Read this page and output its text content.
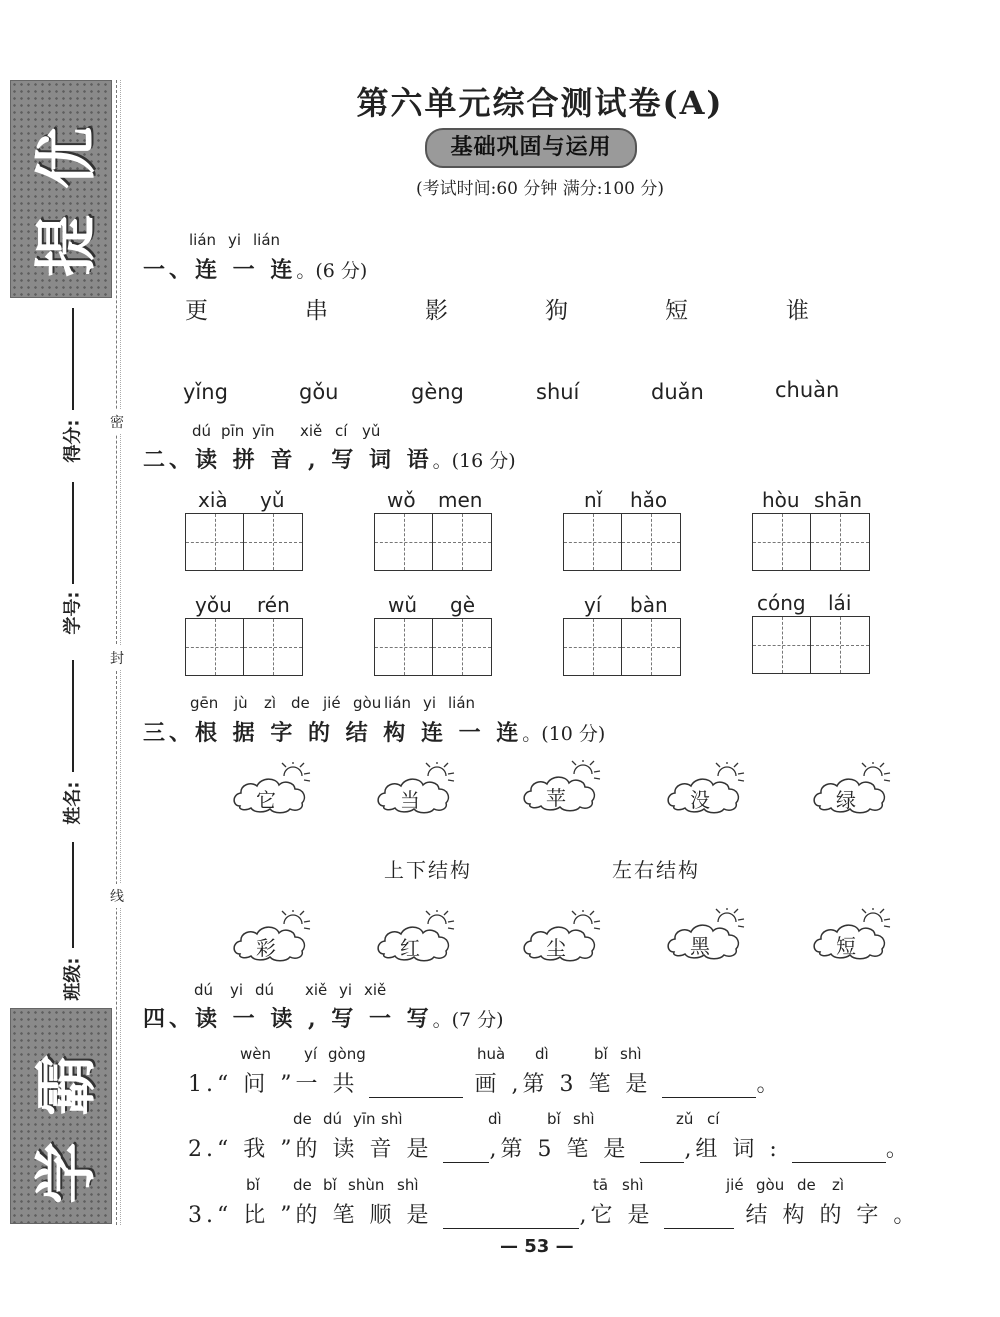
提优
学霸
得分:
学号:
姓名:
班级:
密
封
线
第六单元综合测试卷(A)
基础巩固与运用
(考试时间:60 分钟 满分:100 分)
lián yi lián
一、连 一 连。(6 分)
更	串	影	狗	短	谁
yǐng	gǒu	gèng	shuí	duǎn	chuàn
dú pīn yīn xiě cí yǔ
二、读 拼 音 , 写 词 语。(16 分)
xià yǔ	wǒ men	nǐ hǎo	hòu shān
yǒu rén	wǔ gè	yí bàn	cóng lái
gēn jù zì de jié gòu lián yi lián
三、根 据 字 的 结 构 连 一 连。(10 分)
它	当	苹	没	绿
上下结构	左右结构
彩	红	尘	黑	短
dú yi dú xiě yi xiě
四、读 一 读 , 写 一 写。(7 分)
wèn yí gòng	huà dì	bǐ shì
1.“ 问 ”一 共	画 ,第 3 笔 是	。
de dú yīn shì	dì	bǐ shì	zǔ cí
2.“ 我 ”的 读 音 是	,第 5 笔 是	,组 词 :	。
bǐ de bǐ shùn shì	tā shì	jié gòu de zì
3.“ 比 ”的 笔 顺 是	,它 是	结 构 的 字 。
— 53 —
